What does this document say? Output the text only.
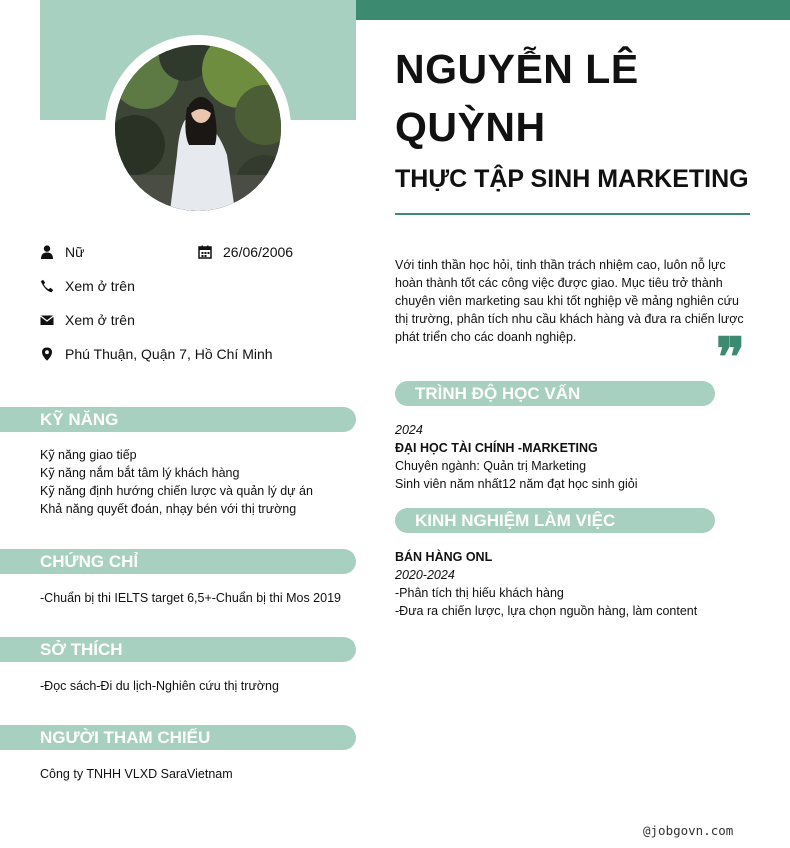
NGUYỄN LÊ
QUỲNH
THỰC TẬP SINH MARKETING
Nữ	26/06/2006
Xem ở trên
Xem ở trên
Phú Thuận, Quận 7, Hồ Chí Minh
KỸ NĂNG
Kỹ năng giao tiếp
Kỹ năng nắm bắt tâm lý khách hàng
Kỹ năng định hướng chiến lược và quản lý dự án
Khả năng quyết đoán, nhạy bén với thị trường
CHỨNG CHỈ
-Chuẩn bị thi IELTS target 6,5+-Chuẩn bị thi Mos 2019
SỞ THÍCH
-Đọc sách-Đi du lịch-Nghiên cứu thị trường
NGƯỜI THAM CHIẾU
Công ty TNHH VLXD SaraVietnam

Với tinh thần học hỏi, tinh thần trách nhiệm cao, luôn nỗ lực hoàn thành tốt các công việc được giao. Mục tiêu trở thành chuyên viên marketing sau khi tốt nghiệp về mảng nghiên cứu thị trường, phân tích nhu cầu khách hàng và đưa ra chiến lược phát triển cho các doanh nghiệp.	❞
TRÌNH ĐỘ HỌC VẤN
2024
ĐẠI HỌC TÀI CHÍNH -MARKETING
Chuyên ngành: Quản trị Marketing
Sinh viên năm nhất12 năm đạt học sinh giỏi
KINH NGHIỆM LÀM VIỆC
BÁN HÀNG ONL
2020-2024
-Phân tích thị hiếu khách hàng
-Đưa ra chiến lược, lựa chọn nguồn hàng, làm content
@jobgovn.com
